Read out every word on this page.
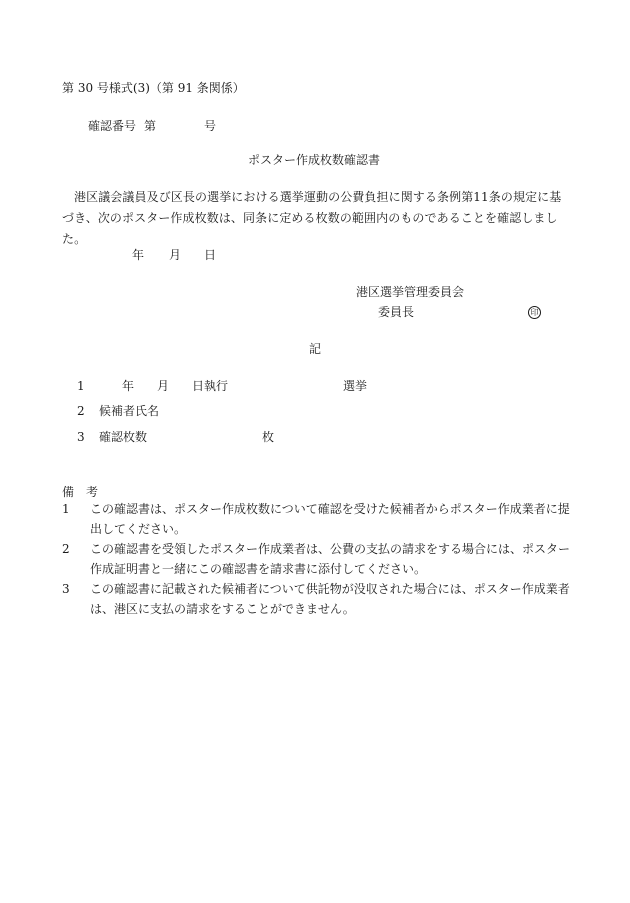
第 30 号様式(3)（第 91 条関係）
確認番号 第	号
ポスター作成枚数確認書
港区議会議員及び区長の選挙における選挙運動の公費負担に関する条例第11条の規定に基づき、次のポスター作成枚数は、同条に定める枚数の範囲内のものであることを確認しました。
年 月 日
港区選挙管理委員会
委員長	印
記
1	年 月 日執行	選挙
2 候補者氏名
3 確認枚数	枚
備　考
1	この確認書は、ポスター作成枚数について確認を受けた候補者からポスター作成業者に提出してください。
2	この確認書を受領したポスター作成業者は、公費の支払の請求をする場合には、ポスター作成証明書と一緒にこの確認書を請求書に添付してください。
3	この確認書に記載された候補者について供託物が没収された場合には、ポスター作成業者は、港区に支払の請求をすることができません。
